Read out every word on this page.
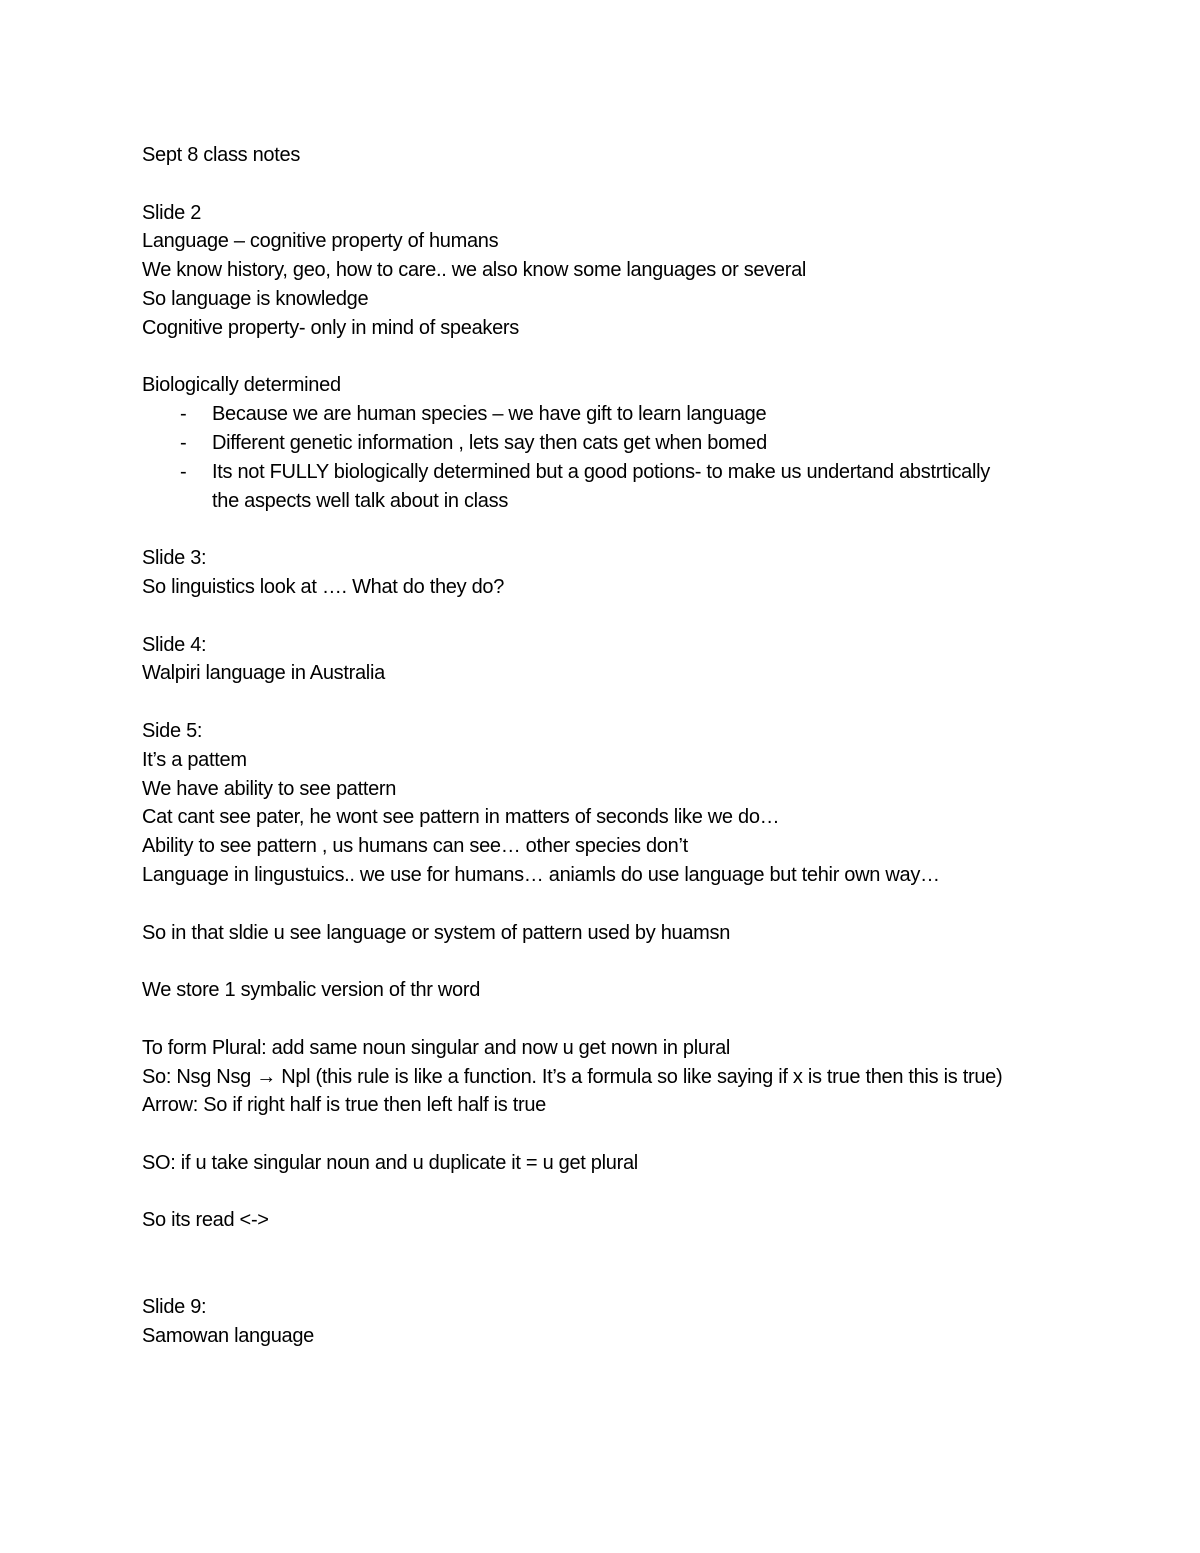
Sept 8 class notes
Slide 2
Language – cognitive property of humans
We know history, geo, how to care.. we also know some languages or several
So language is knowledge
Cognitive property- only in mind of speakers
Biologically determined
- Because we are human species – we have gift to learn language
- Different genetic information , lets say then cats get when bomed
- Its not FULLY biologically determined but a good potions- to make us undertand abstrtically the aspects well talk about in class
Slide 3:
So linguistics look at …. What do they do?
Slide 4:
Walpiri language in Australia
Side 5:
It’s a pattem
We have ability to see pattern
Cat cant see pater, he wont see pattern in matters of seconds like we do…
Ability to see pattern , us humans can see… other species don’t
Language in lingustuics.. we use for humans… aniamls do use language but tehir own way…
So in that sldie u see language or system of pattern used by huamsn
We store 1 symbalic version of thr word
To form Plural: add same noun singular and now u get nown in plural
So: Nsg Nsg → Npl (this rule is like a function. It’s a formula so like saying if x is true then this is true)
Arrow: So if right half is true then left half is true
SO: if u take singular noun and u duplicate it = u get plural
So its read <->
Slide 9:
Samowan language
